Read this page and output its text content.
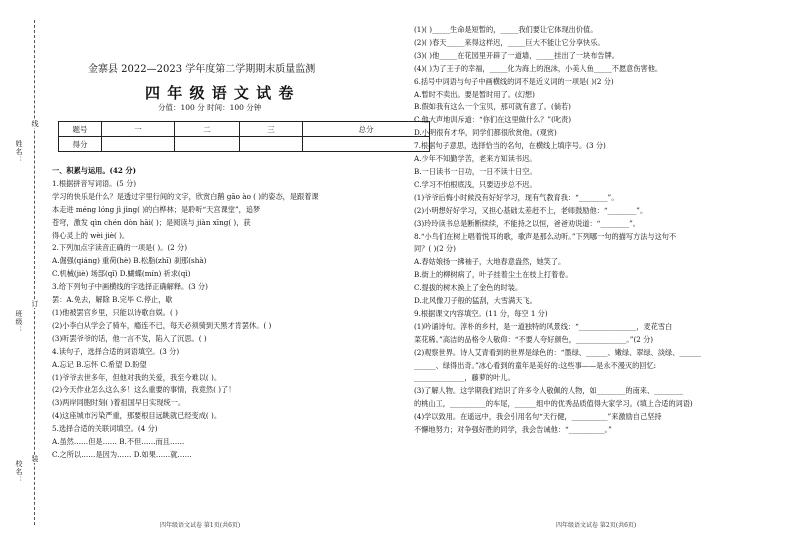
姓名：
班级：
校名：
线
订
装
金寨县 2022—2023 学年度第二学期期末质量监测
四 年 级 语 文 试 卷
分值：100 分 时间：100 分钟
题号	一	二	三	总分
得分				
一、积累与运用。(42 分)
1.根据拼音写词语。(5 分)
学习的快乐是什么？是透过字里行间的文字，欣赏白鹅 ɡāo ào ( )的姿态，是跟着课
本走进 méng lóng jì jìng( )的白桦林；是聆听“天宫课堂”，追梦
苍穹，激发 qìn chén dòn hāi( )；是阅读与 jiàn xīng( )，获
得心灵上的 wèi jiè( )。
2.下列加点字读音正确的一项是( )。(2 分)
A.倔强(qiáng) 重荷(hè) B.松脂(zhī) 刹那(shà)
C.机械(jiè) 场部(qǐ) D.蝴蝶(mín) 祈求(qì)
3.给下列句子中画横线的字选择正确解释。(3 分)
罢：A.免去，解除 B.完毕 C.停止，歇
(1)他被罢官乡里，只能以诗歌自娱。( )
(2)小李白从学会了骑车，瘾连不已，每天必须骑到天黑才肯罢休。( )
(3)听罢爷爷的话，他一言不发，陷入了沉思。( )
4.读句子，选择合适的词语填空。(3 分)
A.忘记 B.忘怀 C.希望 D.盼望
(1)爷爷去世多年，但他对我的关爱，我至今难以( )。
(2)今天作业怎么这么多！这么重要的事情，我竟然( )了！
(3)两岸同胞时刻( )着祖国早日实现统一。
(4)这座城市污染严重，那要根目远眺就已经变成( )。
5.选择合适的关联词填空。(4 分)
A.虽然……但是…… B.不但……而且……
C.之所以……是因为…… D.如果……就……
(1)( )_____生命是短暂的，_____我们要让它体现出价值。
(2)( )春天_____来得这样迟，_____巨大不能让它分享快乐。
(3)( )他_____在花园里开辟了一道墙，_____挂出了一块布告牌。
(4)( )为了王子的幸福，_____化为海上的泡沫，小美人鱼_____不愿意伤害他。
6.括号中词语与句子中画横线的词不是近义词的一项是( )(2 分)
A.暂时不卖出。要是暂时用了。(幻想)
B.假如我有这么一个宝贝，那可就有意了。(倘若)
C.他大声地训斥道：“你们在这里做什么？”(叱责)
D.小明很有才华，同学们都很欣赏他。(观赏)
7.根据句子意思，选择恰当的名句，在横线上填序号。(3 分)
A.少年不知勤学苦，老来方知读书迟。
B.一日读书一日功，一日不读十日空。
C.学习不怕根底浅，只要迈步总不迟。
(1)爷爷后悔小时候没有好好学习，现有气教育我：“________”。
(2)小明想好好学习，又担心基础太差赶不上，老师鼓励他：“________”。
(3)玲玲读书总是断断续续，不能持之以恒，爸爸劝说道：“________”。
8.“小鸟们在树上唱着悦耳的歌，歌声是那么动听。”下列哪一句的描写方法与这句不
同？( )(2 分)
A.春姑娘扬一拂袖子，大地春意盎然，她笑了。
B.街上的柳树病了，叶子挂着尘土在枝上打着卷。
C.提拔的树木换上了金色的时装。
D.北风像刀子般的猛刮，大雪满天飞。
9.根据课文内容填空。(11 分，每空 1 分)
(1)吟诵诗句。淳朴的乡村，是一道独特的风景线：“________________，麦花雪白
菜花稀。”高洁的品格令人敬仰：“不要人夸好颜色，______________。”(2 分)
(2)观察世界。诗人艾青看到的世界是绿色的：“墨绿、______、嫩绿、翠绿、淡绿、______
______、绿得出奇。”冰心看到的童年是美好的:这些事——是永不漫灭的回忆:
______________，藤萝的叶儿。
(3)了解人物。这学期我们结识了许多令人敬佩的人物，如________的南来、________
的桃山工，__________的车尾，______组中的优秀品质值得大家学习。(填上合适的词语)
(4)学以致用。在遥远中，我会引用名句“天行健，__________”来激励自己坚持
不懈地努力；对争强好胜的同学，我会告诫他：“__________。”
四年级语文试卷 第1页(共6页)	四年级语文试卷 第2页(共6页)
